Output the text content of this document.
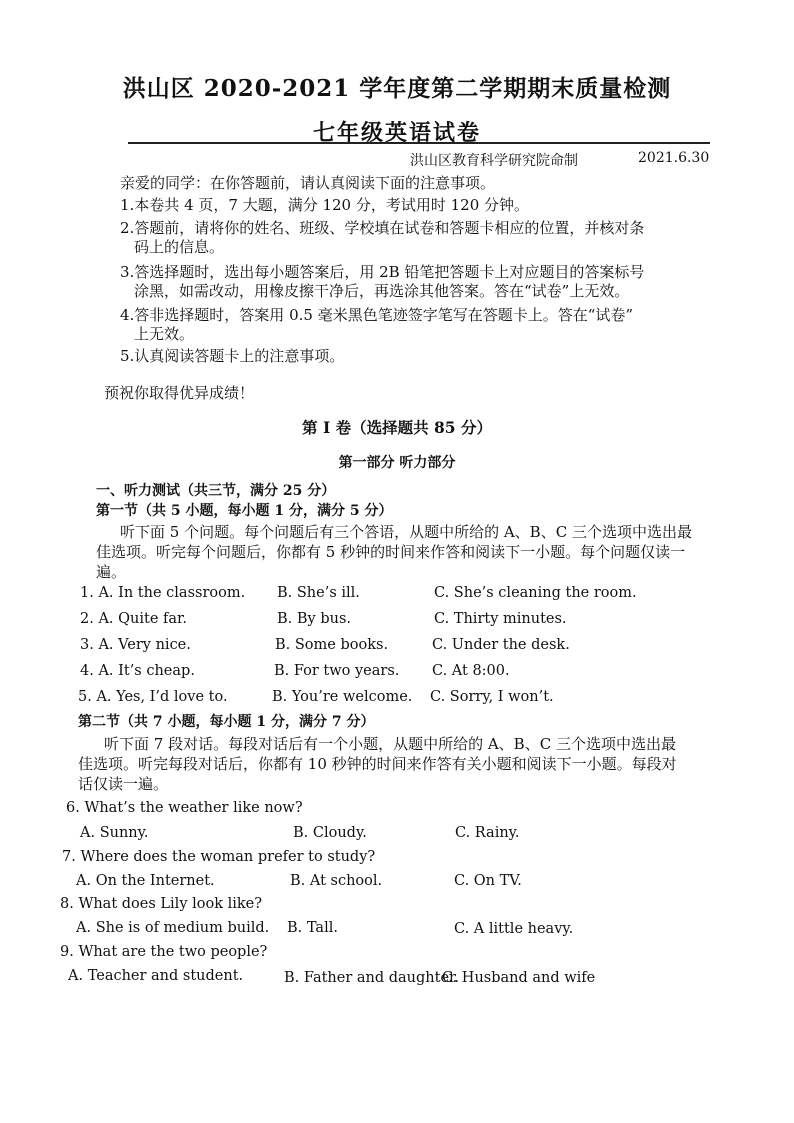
洪山区 2020-2021 学年度第二学期期末质量检测
七年级英语试卷
洪山区教育科学研究院命制	2021.6.30
亲爱的同学：在你答题前，请认真阅读下面的注意事项。
1.本卷共 4 页，7 大题，满分 120 分，考试用时 120 分钟。
2.答题前，请将你的姓名、班级、学校填在试卷和答题卡相应的位置，并核对条
码上的信息。
3.答选择题时，选出每小题答案后，用 2B 铅笔把答题卡上对应题目的答案标号
涂黑，如需改动，用橡皮擦干净后，再选涂其他答案。答在“试卷”上无效。
4.答非选择题时，答案用 0.5 毫米黑色笔迹签字笔写在答题卡上。答在“试卷”
上无效。
5.认真阅读答题卡上的注意事项。
预祝你取得优异成绩！
第 I 卷（选择题共 85 分）
第一部分 听力部分
一、听力测试（共三节，满分 25 分）
第一节（共 5 小题，每小题 1 分，满分 5 分）
听下面 5 个问题。每个问题后有三个答语，从题中所给的 A、B、C 三个选项中选出最
佳选项。听完每个问题后，你都有 5 秒钟的时间来作答和阅读下一小题。每个问题仅读一
遍。
1. A. In the classroom. B. She’s ill.	C. She’s cleaning the room.
2. A. Quite far.	B. By bus.	C. Thirty minutes.
3. A. Very nice.	B. Some books.	C. Under the desk.
4. A. It’s cheap.	B. For two years. C. At 8:00.
5. A. Yes, I’d love to.	B. You’re welcome. C. Sorry, I won’t.
第二节（共 7 小题，每小题 1 分，满分 7 分）
听下面 7 段对话。每段对话后有一个小题，从题中所给的 A、B、C 三个选项中选出最
佳选项。听完每段对话后，你都有 10 秒钟的时间来作答有关小题和阅读下一小题。每段对
话仅读一遍。
6. What’s the weather like now?
A. Sunny.	B. Cloudy.	C. Rainy.
7. Where does the woman prefer to study?
A. On the Internet.	B. At school.	C. On TV.
8. What does Lily look like?
A. She is of medium build. B. Tall.	C. A little heavy.
9. What are the two people?
A. Teacher and student.	B. Father and daughter.
C. Husband and wife
